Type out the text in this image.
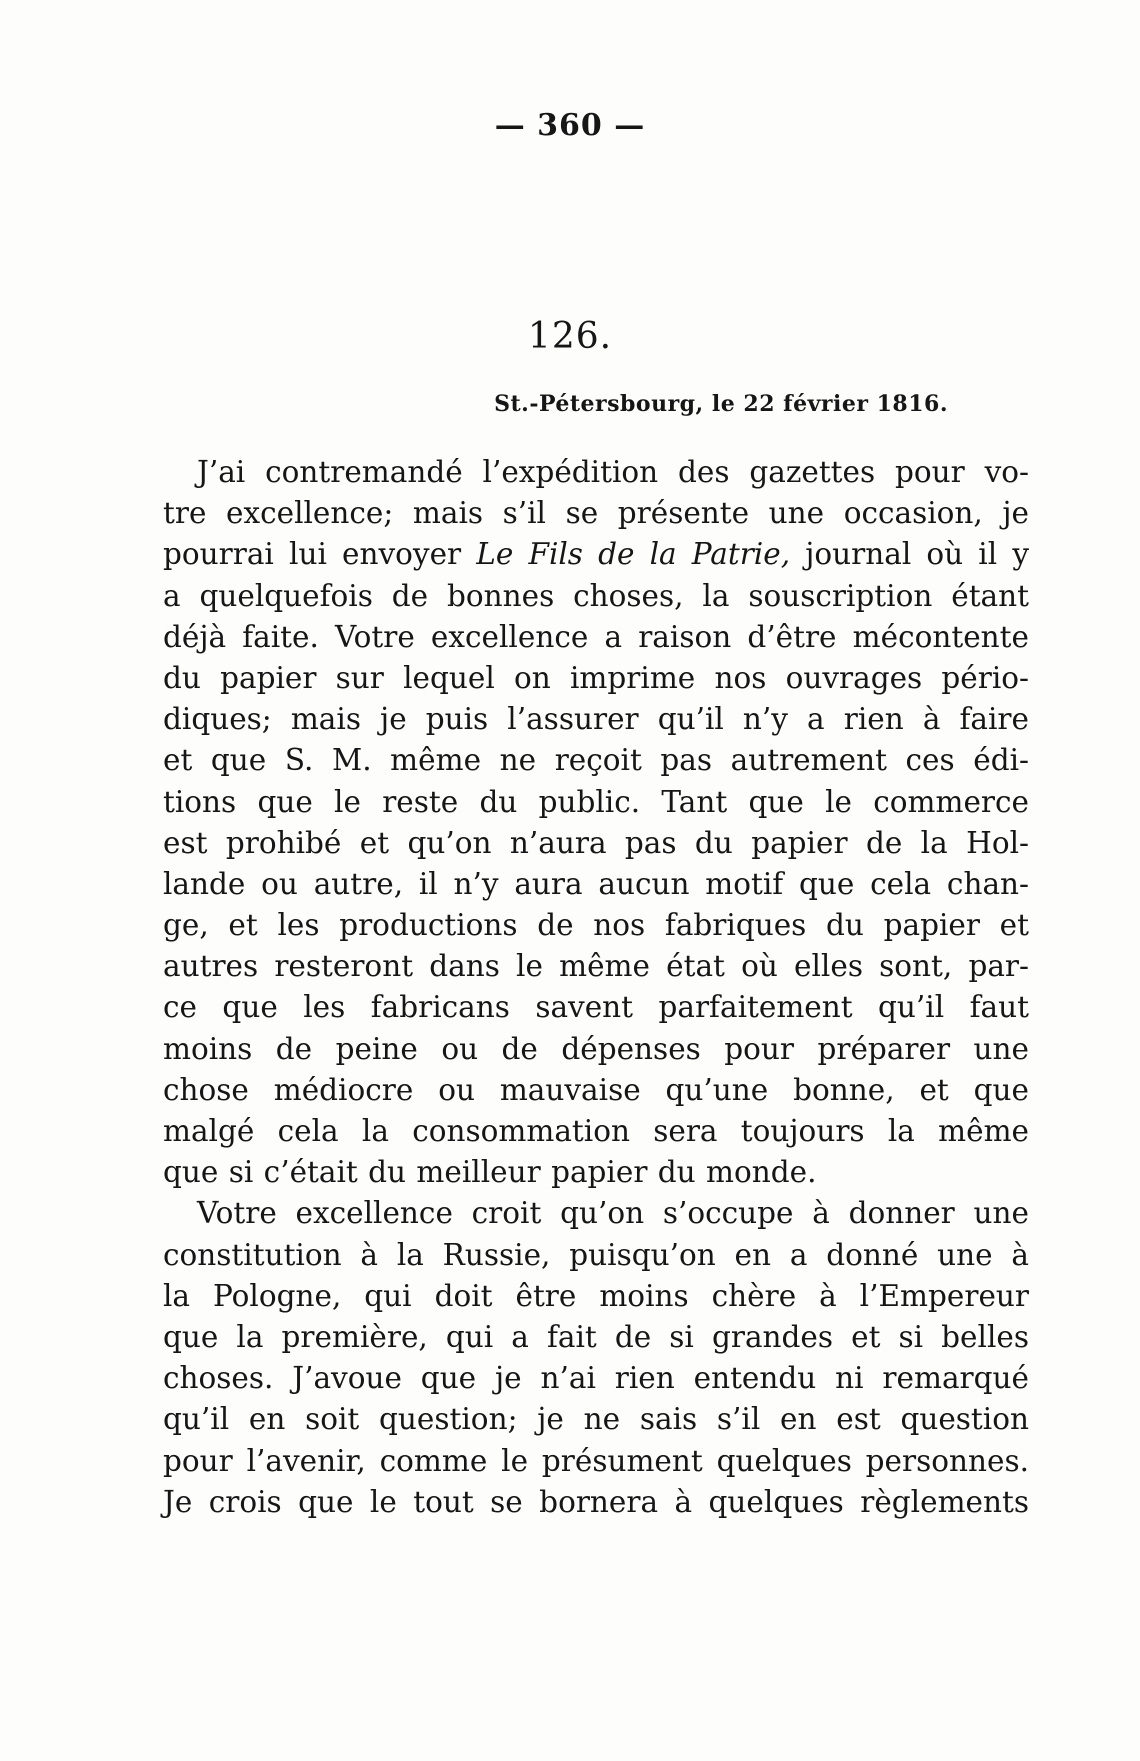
— 360 —
126.
St.-Pétersbourg, le 22 février 1816.
J’ai contremandé l’expédition des gazettes pour vo-
tre excellence; mais s’il se présente une occasion, je
pourrai lui envoyer Le Fils de la Patrie, journal où il y
a quelquefois de bonnes choses, la souscription étant
déjà faite. Votre excellence a raison d’être mécontente
du papier sur lequel on imprime nos ouvrages pério-
diques; mais je puis l’assurer qu’il n’y a rien à faire
et que S. M. même ne reçoit pas autrement ces édi-
tions que le reste du public. Tant que le commerce
est prohibé et qu’on n’aura pas du papier de la Hol-
lande ou autre, il n’y aura aucun motif que cela chan-
ge, et les productions de nos fabriques du papier et
autres resteront dans le même état où elles sont, par-
ce que les fabricans savent parfaitement qu’il faut
moins de peine ou de dépenses pour préparer une
chose médiocre ou mauvaise qu’une bonne, et que
malgé cela la consommation sera toujours la même
que si c’était du meilleur papier du monde.
Votre excellence croit qu’on s’occupe à donner une
constitution à la Russie, puisqu’on en a donné une à
la Pologne, qui doit être moins chère à l’Empereur
que la première, qui a fait de si grandes et si belles
choses. J’avoue que je n’ai rien entendu ni remarqué
qu’il en soit question; je ne sais s’il en est question
pour l’avenir, comme le présument quelques personnes.
Je crois que le tout se bornera à quelques règlements
